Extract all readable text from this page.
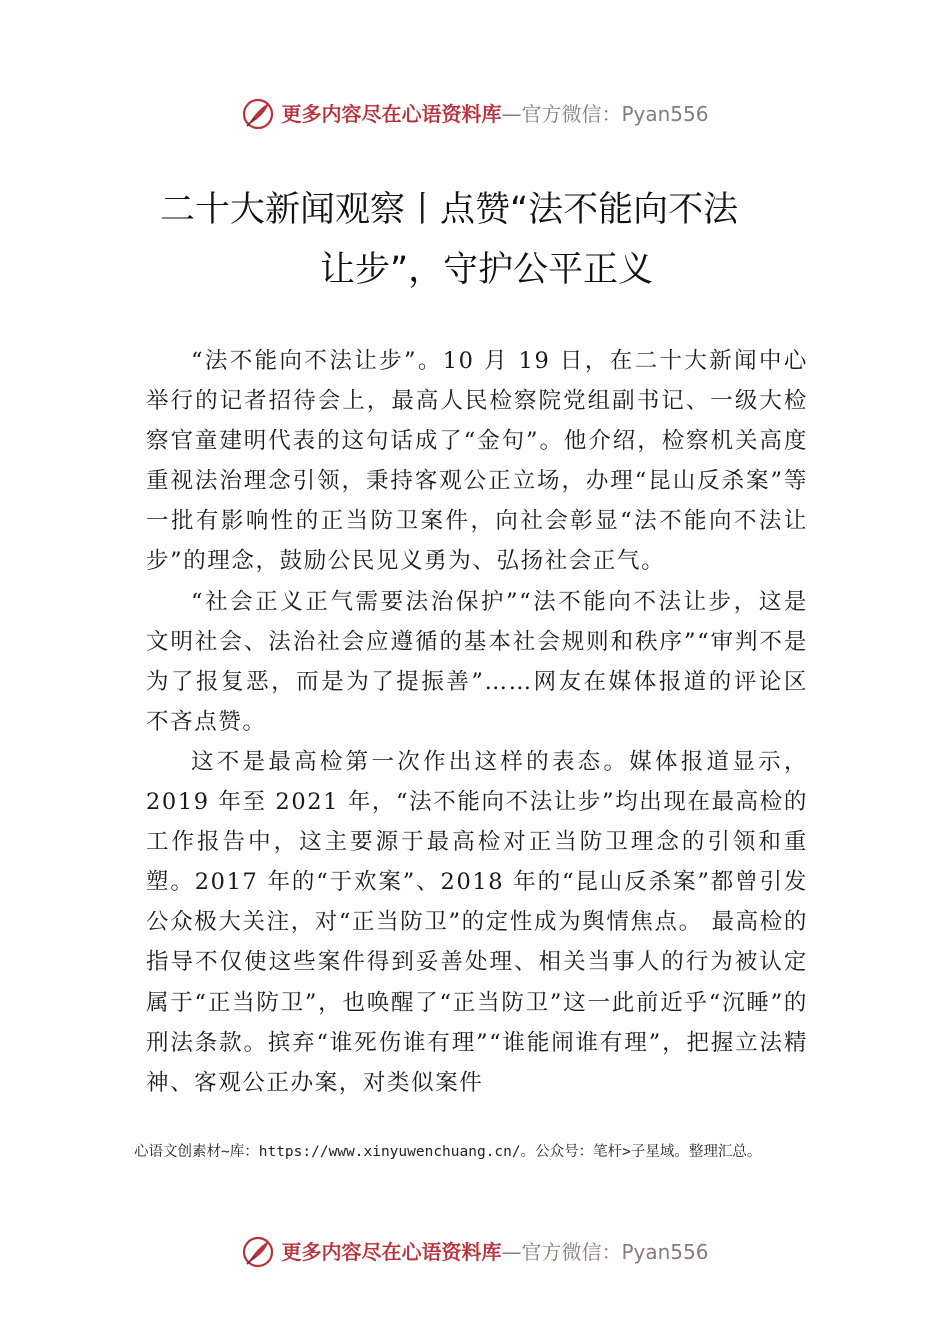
更多内容尽在心语资料库—官方微信：Pyan556
二十大新闻观察丨点赞“法不能向不法
让步”，守护公平正义

“法不能向不法让步”。10 月 19 日，在二十大新闻中心举行的记者招待会上，最高人民检察院党组副书记、一级大检察官童建明代表的这句话成了“金句”。他介绍，检察机关高度重视法治理念引领，秉持客观公正立场，办理“昆山反杀案”等一批有影响性的正当防卫案件，向社会彰显“法不能向不法让步”的理念，鼓励公民见义勇为、弘扬社会正气。

“社会正义正气需要法治保护”“法不能向不法让步，这是文明社会、法治社会应遵循的基本社会规则和秩序”“审判不是为了报复恶，而是为了提振善”……网友在媒体报道的评论区不吝点赞。

这不是最高检第一次作出这样的表态。媒体报道显示，2019 年至 2021 年，“法不能向不法让步”均出现在最高检的工作报告中，这主要源于最高检对正当防卫理念的引领和重塑。2017 年的“于欢案”、2018 年的“昆山反杀案”都曾引发公众极大关注，对“正当防卫”的定性成为舆情焦点。 最高检的指导不仅使这些案件得到妥善处理、相关当事人的行为被认定属于“正当防卫”，也唤醒了“正当防卫”这一此前近乎“沉睡”的刑法条款。摈弃“谁死伤谁有理”“谁能闹谁有理”，把握立法精神、客观公正办案，对类似案件

心语文创素材~库：https://www.xinyuwenchuang.cn/。公众号：笔杆>子星域。整理汇总。
更多内容尽在心语资料库—官方微信：Pyan556
